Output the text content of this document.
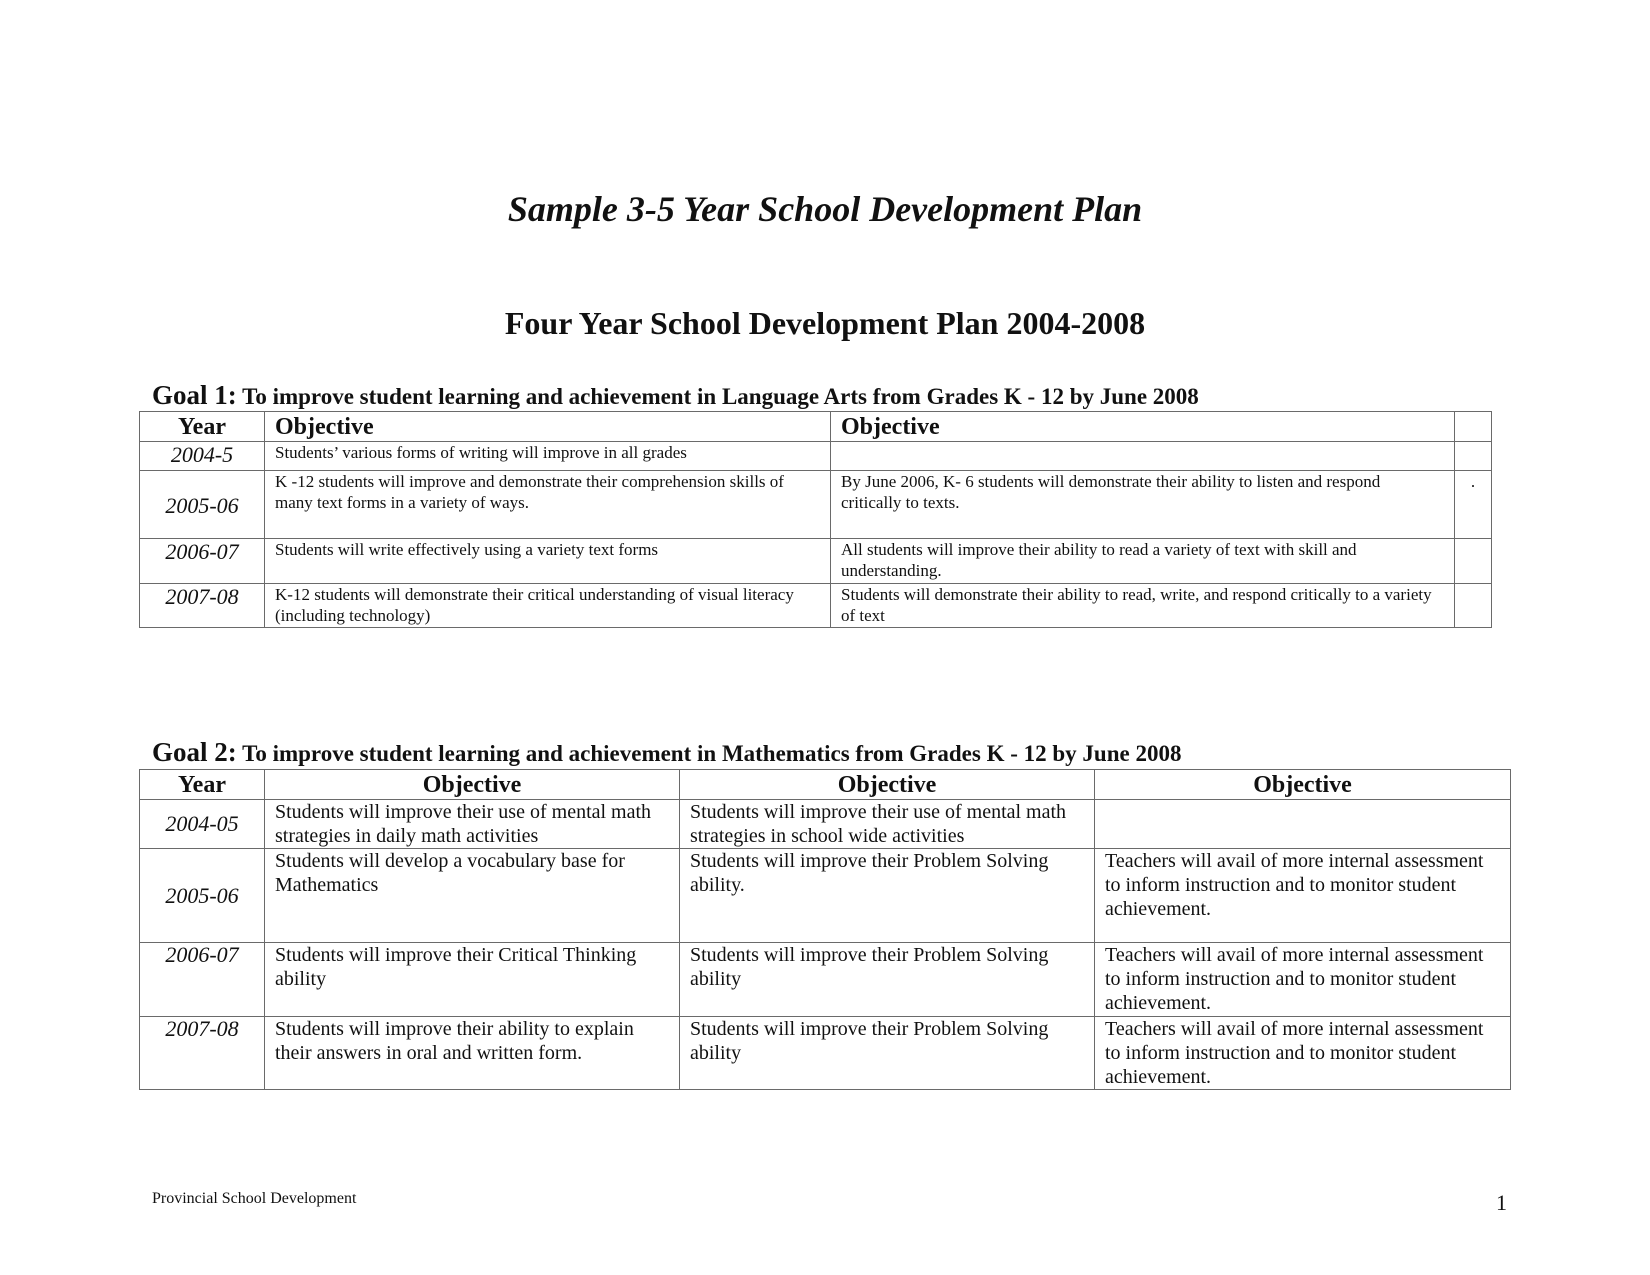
Sample 3-5 Year School Development Plan
Four Year School Development Plan 2004-2008

Goal 1: To improve student learning and achievement in Language Arts from Grades K - 12 by June 2008

Year	Objective	Objective	
2004-5	Students’ various forms of writing will improve in all grades		
2005-06	K -12 students will improve and demonstrate their comprehension skills of many text forms in a variety of ways.	By June 2006, K- 6 students will demonstrate their ability to listen and respond critically to texts.	.
2006-07	Students will write effectively using a variety text forms	All students will improve their ability to read a variety of text with skill and understanding.	
2007-08	K-12 students will demonstrate their critical understanding of visual literacy (including technology)	Students will demonstrate their ability to read, write, and respond critically to a variety of text	

Goal 2: To improve student learning and achievement in Mathematics from Grades K - 12 by June 2008

Year	Objective	Objective	Objective
2004-05	Students will improve their use of mental math strategies in daily math activities	Students will improve their use of mental math strategies in school wide activities	
2005-06	Students will develop a vocabulary base for Mathematics	Students will improve their Problem Solving ability.	Teachers will avail of more internal assessment to inform instruction and to monitor student achievement.
2006-07	Students will improve their Critical Thinking ability	Students will improve their Problem Solving ability	Teachers will avail of more internal assessment to inform instruction and to monitor student achievement.
2007-08	Students will improve their ability to explain their answers in oral and written form.	Students will improve their Problem Solving ability	Teachers will avail of more internal assessment to inform instruction and to monitor student achievement.

Provincial School Development	1
